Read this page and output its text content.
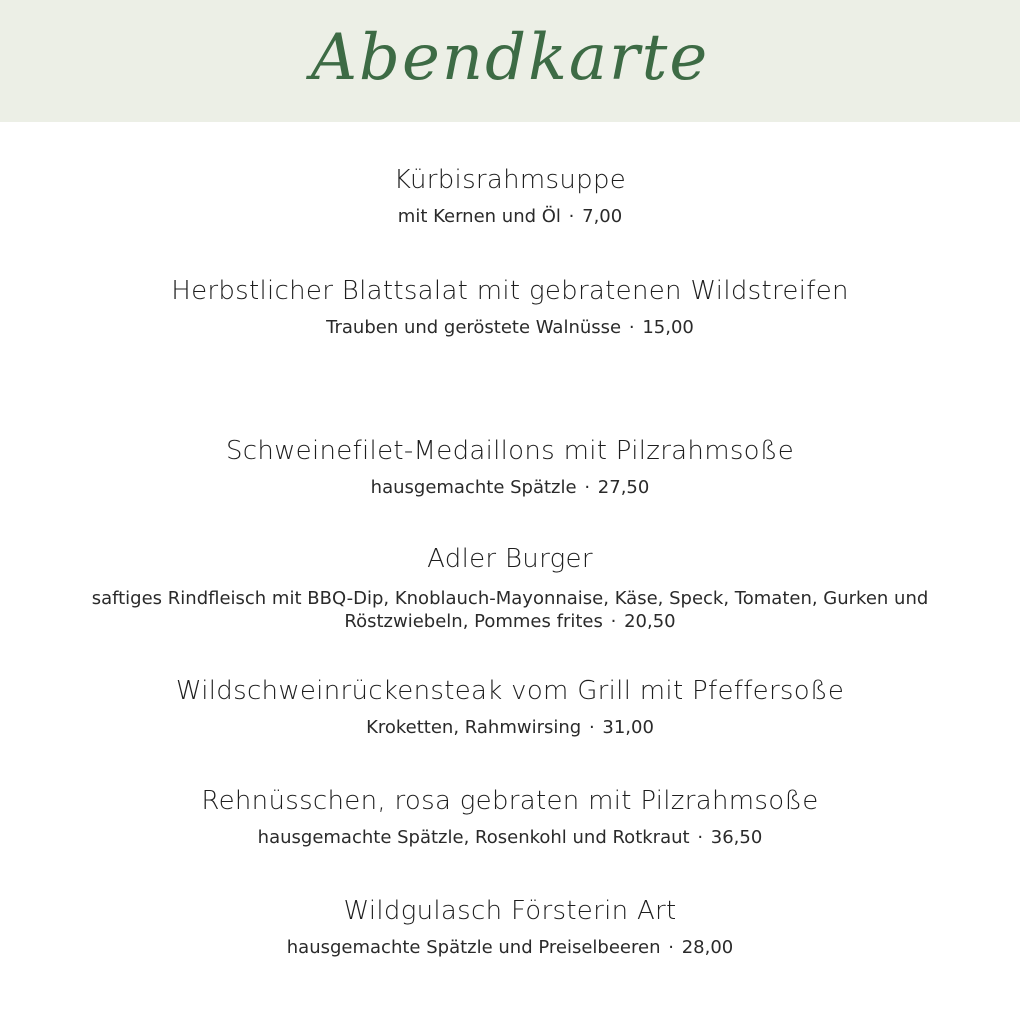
Abendkarte
Kürbisrahmsuppe
mit Kernen und Öl · 7,00
Herbstlicher Blattsalat mit gebratenen Wildstreifen
Trauben und geröstete Walnüsse · 15,00
Schweinefilet-Medaillons mit Pilzrahmsoße
hausgemachte Spätzle · 27,50
Adler Burger
saftiges Rindfleisch mit BBQ-Dip, Knoblauch-Mayonnaise, Käse, Speck, Tomaten, Gurken und Röstzwiebeln, Pommes frites · 20,50
Wildschweinrückensteak vom Grill mit Pfeffersoße
Kroketten, Rahmwirsing · 31,00
Rehnüsschen, rosa gebraten mit Pilzrahmsoße
hausgemachte Spätzle, Rosenkohl und Rotkraut · 36,50
Wildgulasch Försterin Art
hausgemachte Spätzle und Preiselbeeren · 28,00
